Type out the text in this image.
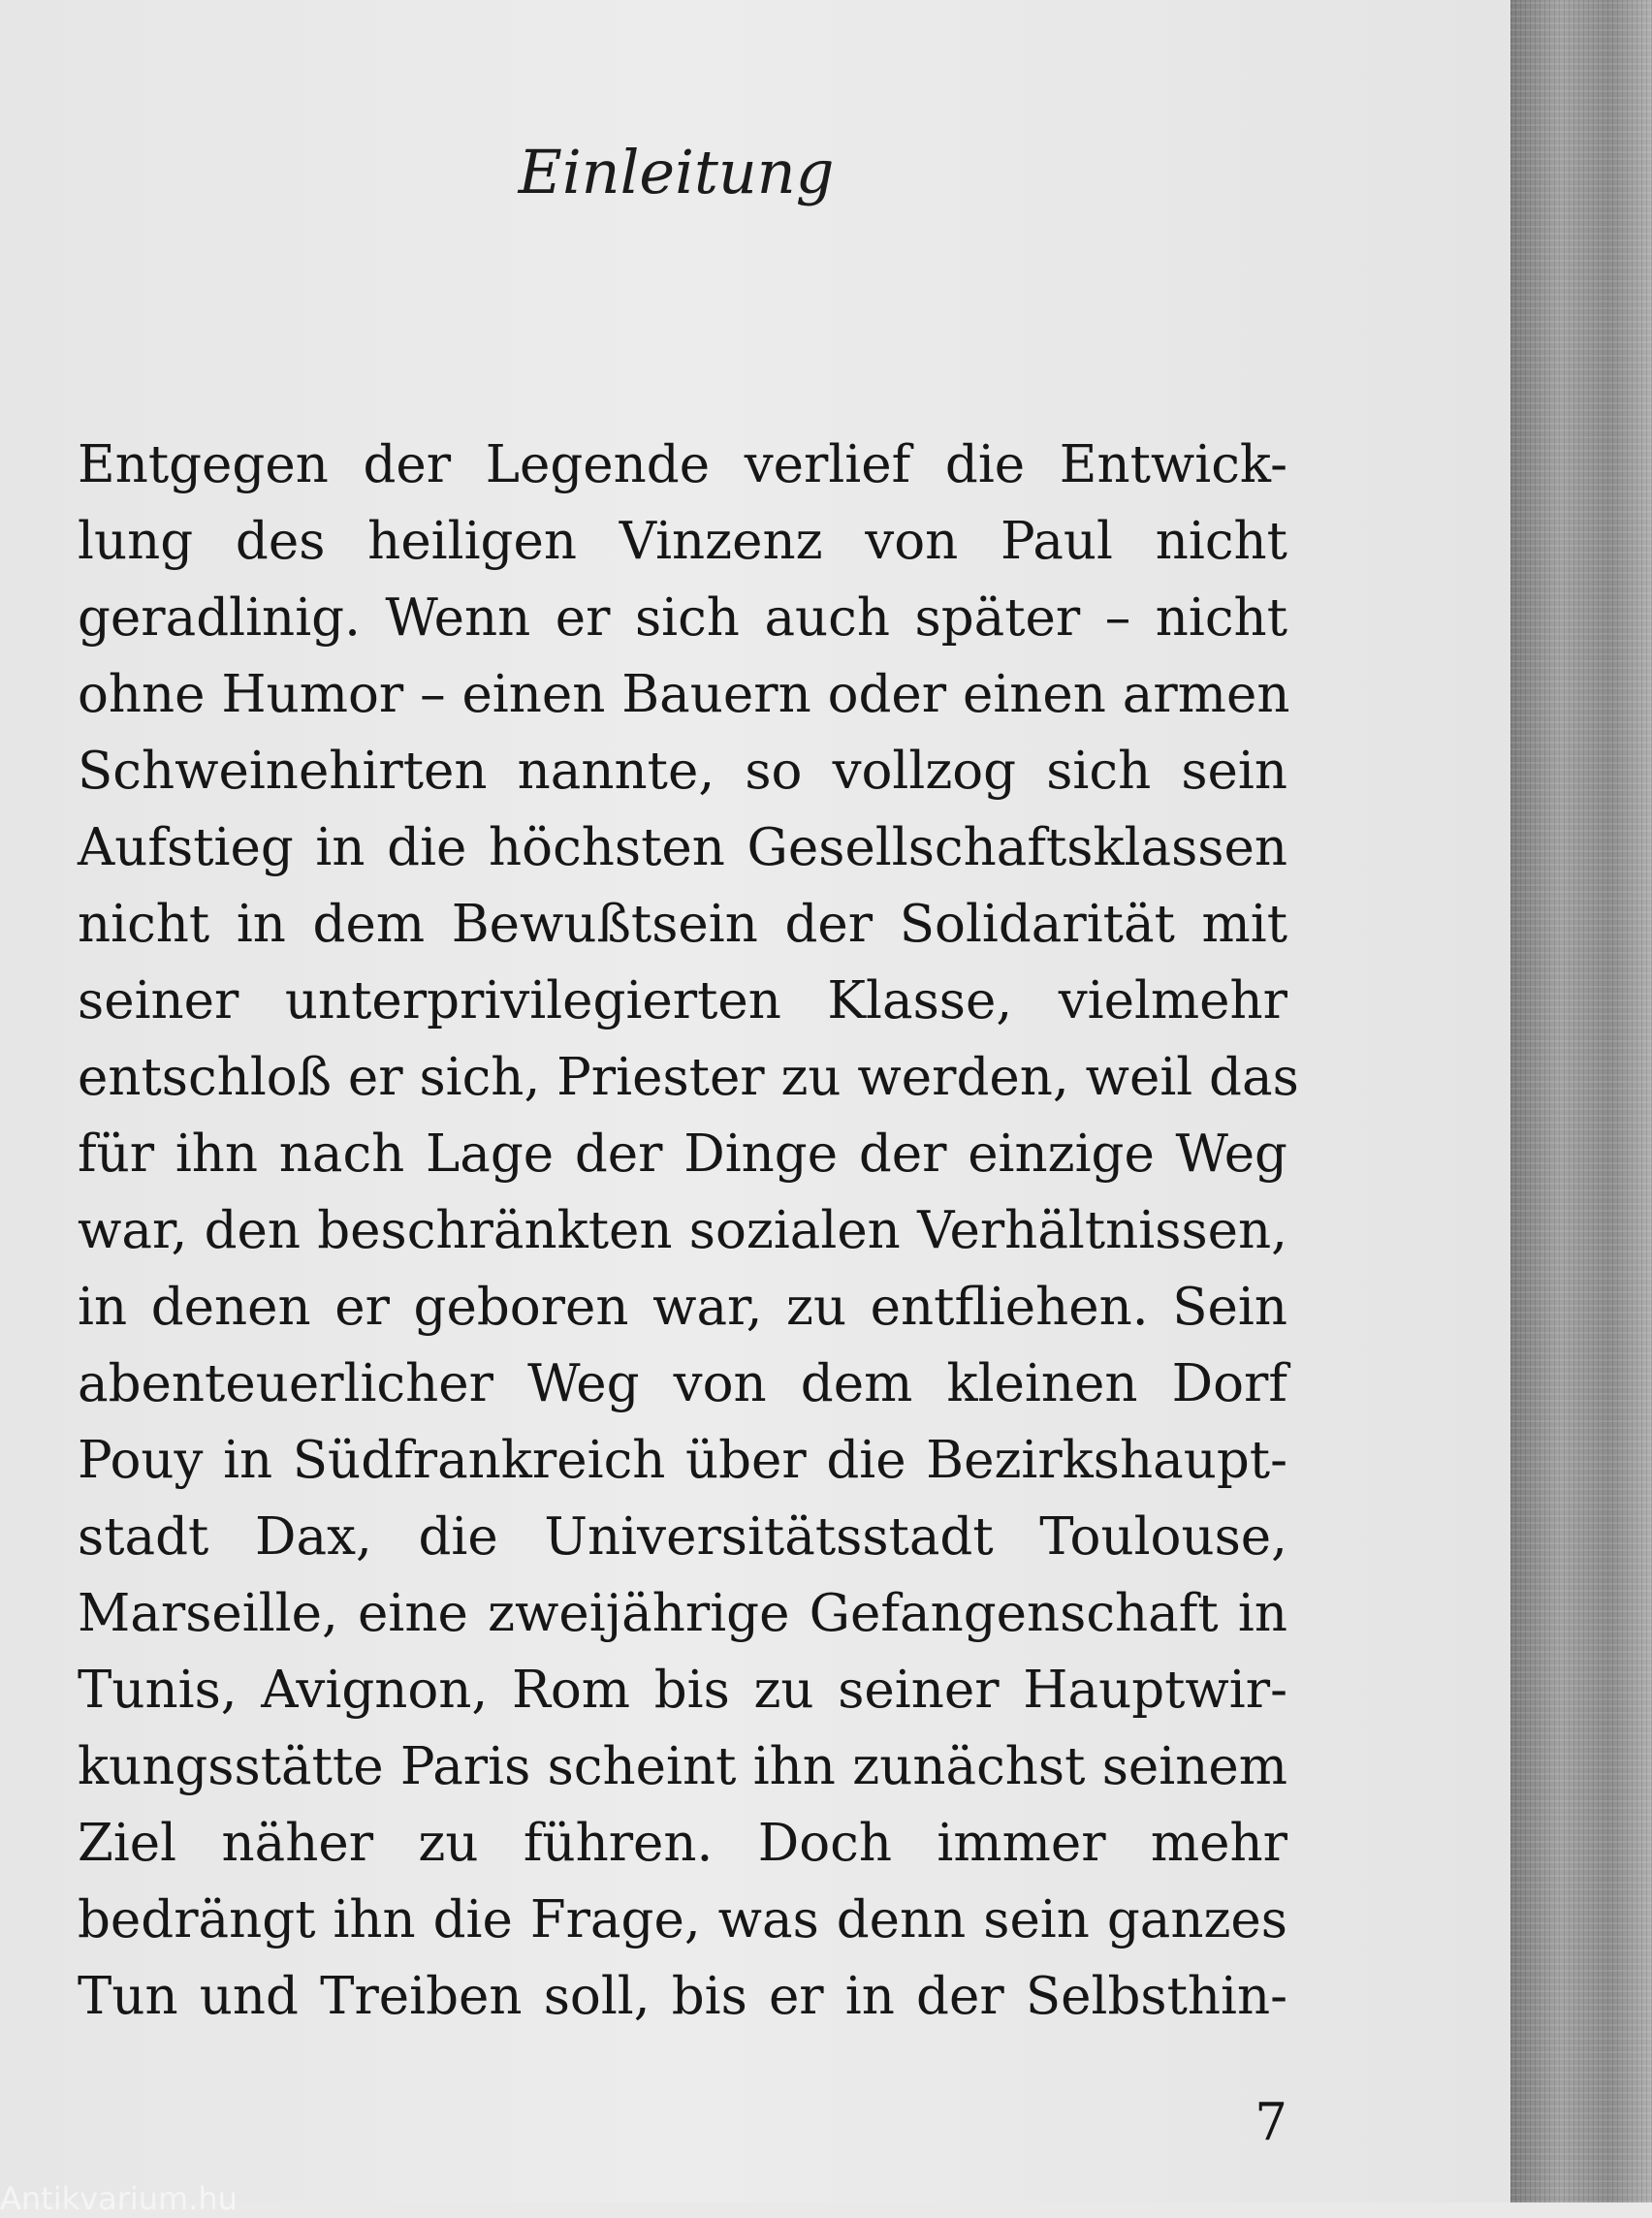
Einleitung
Entgegen der Legende verlief die Entwick-
lung des heiligen Vinzenz von Paul nicht
geradlinig. Wenn er sich auch später – nicht
ohne Humor – einen Bauern oder einen armen
Schweinehirten nannte, so vollzog sich sein
Aufstieg in die höchsten Gesellschaftsklassen
nicht in dem Bewußtsein der Solidarität mit
seiner unterprivilegierten Klasse, vielmehr
entschloß er sich, Priester zu werden, weil das
für ihn nach Lage der Dinge der einzige Weg
war, den beschränkten sozialen Verhältnissen,
in denen er geboren war, zu entfliehen. Sein
abenteuerlicher Weg von dem kleinen Dorf
Pouy in Südfrankreich über die Bezirkshaupt-
stadt Dax, die Universitätsstadt Toulouse,
Marseille, eine zweijährige Gefangenschaft in
Tunis, Avignon, Rom bis zu seiner Hauptwir-
kungsstätte Paris scheint ihn zunächst seinem
Ziel näher zu führen. Doch immer mehr
bedrängt ihn die Frage, was denn sein ganzes
Tun und Treiben soll, bis er in der Selbsthin-
7
Antikvarium.hu
